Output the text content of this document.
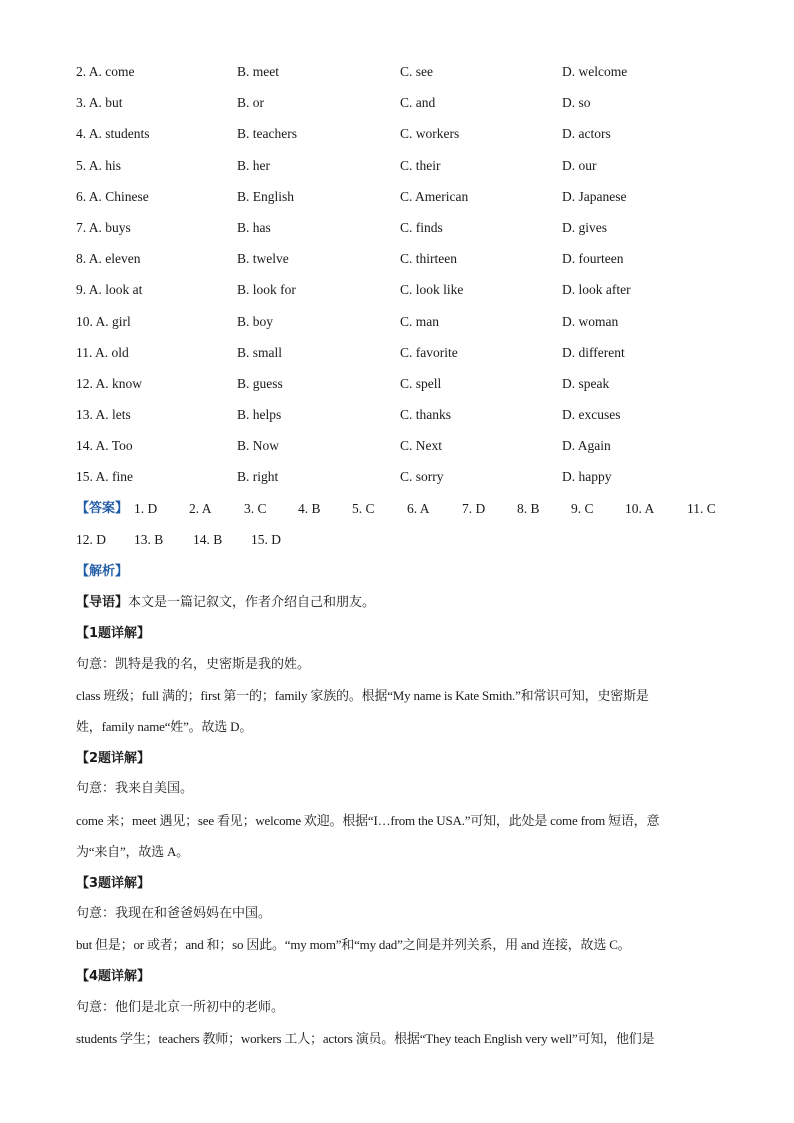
2. A. come	B. meet	C. see	D. welcome
3. A. but	B. or	C. and	D. so
4. A. students	B. teachers	C. workers	D. actors
5. A. his	B. her	C. their	D. our
6. A. Chinese	B. English	C. American	D. Japanese
7. A. buys	B. has	C. finds	D. gives
8. A. eleven	B. twelve	C. thirteen	D. fourteen
9. A. look at	B. look for	C. look like	D. look after
10. A. girl	B. boy	C. man	D. woman
11. A. old	B. small	C. favorite	D. different
12. A. know	B. guess	C. spell	D. speak
13. A. lets	B. helps	C. thanks	D. excuses
14. A. Too	B. Now	C. Next	D. Again
15. A. fine	B. right	C. sorry	D. happy
【答案】 1. D 2. A 3. C 4. B 5. C 6. A 7. D 8. B 9. C 10. A 11. C
12. D 13. B 14. B 15. D
【解析】
【导语】本文是一篇记叙文，作者介绍自己和朋友。
【1题详解】
句意：凯特是我的名，史密斯是我的姓。
class 班级；full 满的；first 第一的；family 家族的。根据“My name is Kate Smith.”和常识可知，史密斯是
姓，family name“姓”。故选 D。
【2题详解】
句意：我来自美国。
come 来；meet 遇见；see 看见；welcome 欢迎。根据“I…from the USA.”可知，此处是 come from 短语，意
为“来自”，故选 A。
【3题详解】
句意：我现在和爸爸妈妈在中国。
but 但是；or 或者；and 和；so 因此。“my mom”和“my dad”之间是并列关系，用 and 连接，故选 C。
【4题详解】
句意：他们是北京一所初中的老师。
students 学生；teachers 教师；workers 工人；actors 演员。根据“They teach English very well”可知，他们是
